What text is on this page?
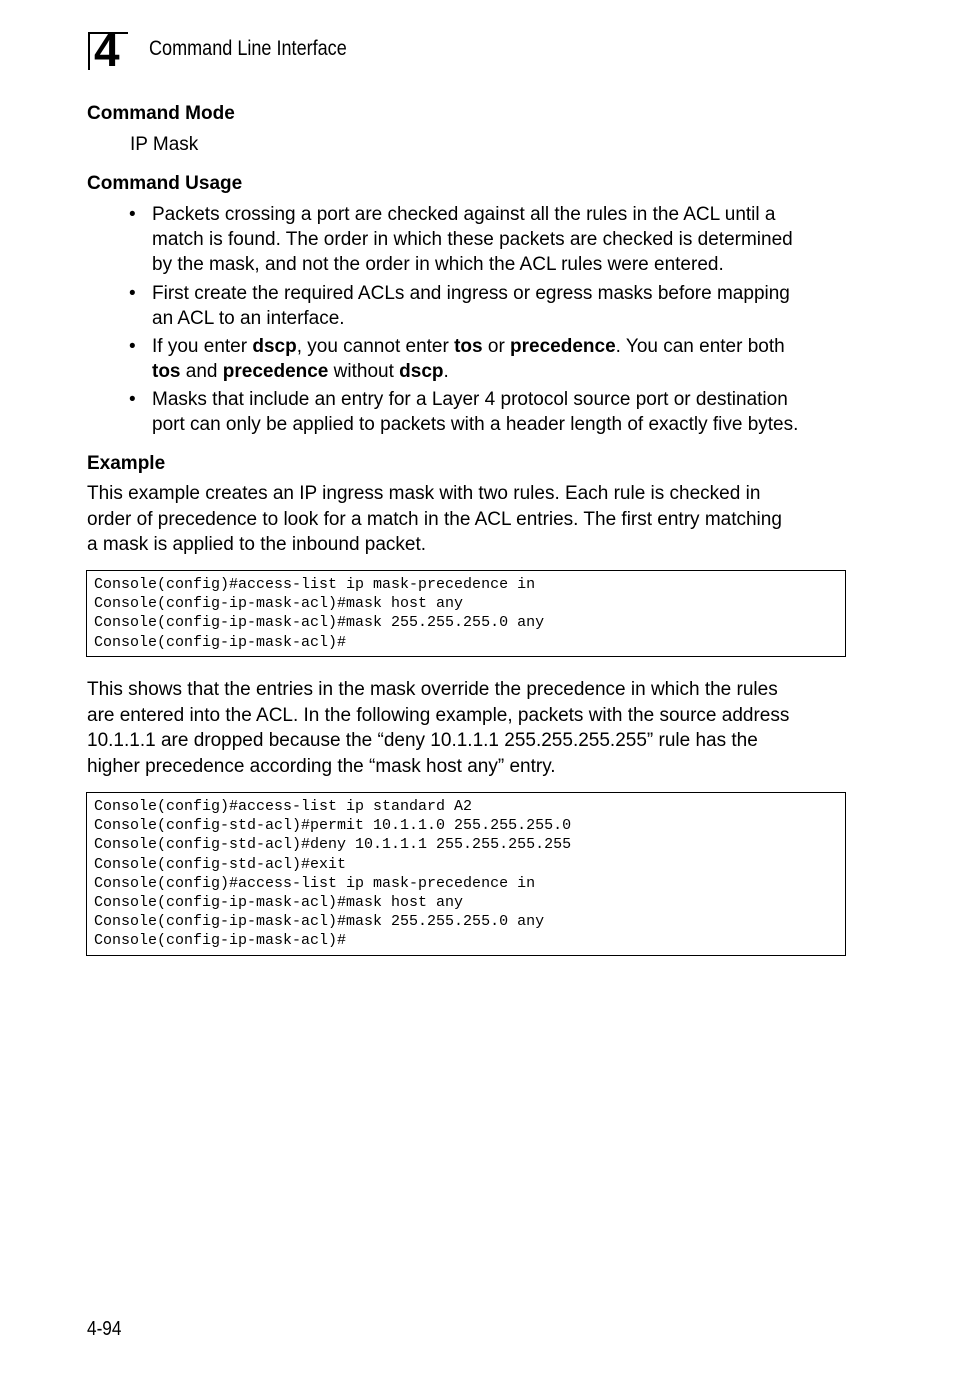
4 Command Line Interface
Command Mode

IP Mask

Command Usage
• Packets crossing a port are checked against all the rules in the ACL until a
match is found. The order in which these packets are checked is determined
by the mask, and not the order in which the ACL rules were entered.
• First create the required ACLs and ingress or egress masks before mapping
an ACL to an interface.
• If you enter dscp, you cannot enter tos or precedence. You can enter both
tos and precedence without dscp.
• Masks that include an entry for a Layer 4 protocol source port or destination
port can only be applied to packets with a header length of exactly five bytes.
Example

This example creates an IP ingress mask with two rules. Each rule is checked in
order of precedence to look for a match in the ACL entries. The first entry matching
a mask is applied to the inbound packet.

Console(config)#access-list ip mask-precedence in
Console(config-ip-mask-acl)#mask host any
Console(config-ip-mask-acl)#mask 255.255.255.0 any
Console(config-ip-mask-acl)#

This shows that the entries in the mask override the precedence in which the rules
are entered into the ACL. In the following example, packets with the source address
10.1.1.1 are dropped because the “deny 10.1.1.1 255.255.255.255” rule has the
higher precedence according the “mask host any” entry.

Console(config)#access-list ip standard A2
Console(config-std-acl)#permit 10.1.1.0 255.255.255.0
Console(config-std-acl)#deny 10.1.1.1 255.255.255.255
Console(config-std-acl)#exit
Console(config)#access-list ip mask-precedence in
Console(config-ip-mask-acl)#mask host any
Console(config-ip-mask-acl)#mask 255.255.255.0 any
Console(config-ip-mask-acl)#
4-94
